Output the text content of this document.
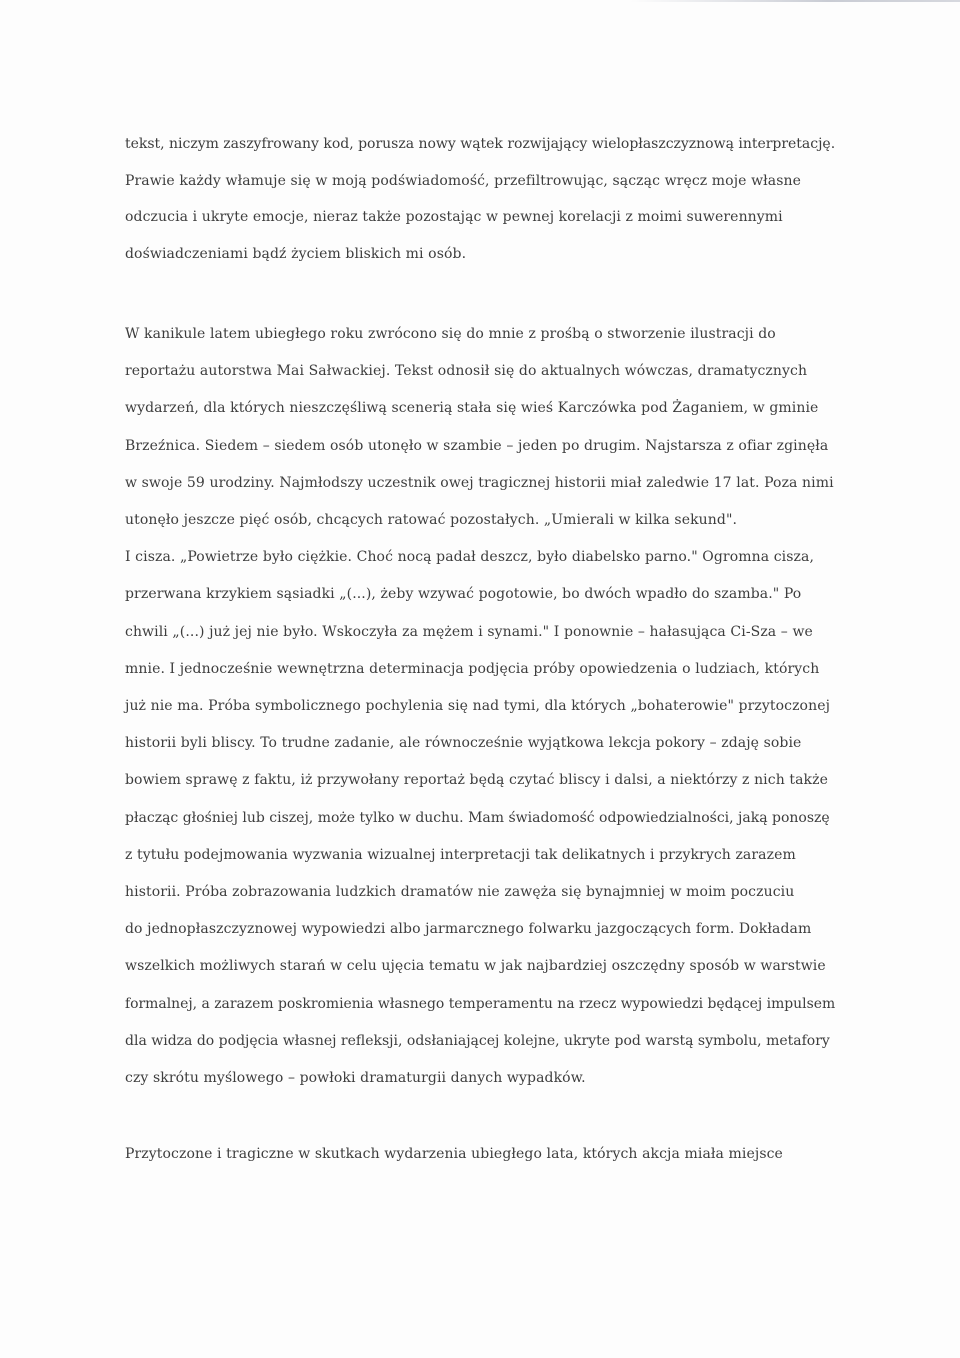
tekst, niczym zaszyfrowany kod, porusza nowy wątek rozwijający wielopłaszczyznową interpretację.
Prawie każdy włamuje się w moją podświadomość, przefiltrowując, sącząc wręcz moje własne
odczucia i ukryte emocje, nieraz także pozostając w pewnej korelacji z moimi suwerennymi
doświadczeniami bądź życiem bliskich mi osób.

W kanikule latem ubiegłego roku zwrócono się do mnie z prośbą o stworzenie ilustracji do
reportażu autorstwa Mai Sałwackiej. Tekst odnosił się do aktualnych wówczas, dramatycznych
wydarzeń, dla których nieszczęśliwą scenerią stała się wieś Karczówka pod Żaganiem, w gminie
Brzeźnica. Siedem – siedem osób utonęło w szambie – jeden po drugim. Najstarsza z ofiar zginęła
w swoje 59 urodziny. Najmłodszy uczestnik owej tragicznej historii miał zaledwie 17 lat. Poza nimi
utonęło jeszcze pięć osób, chcących ratować pozostałych. „Umierali w kilka sekund".
I cisza. „Powietrze było ciężkie. Choć nocą padał deszcz, było diabelsko parno." Ogromna cisza,
przerwana krzykiem sąsiadki „(...), żeby wzywać pogotowie, bo dwóch wpadło do szamba." Po
chwili „(...) już jej nie było. Wskoczyła za mężem i synami." I ponownie – hałasująca Ci-Sza – we
mnie. I jednocześnie wewnętrzna determinacja podjęcia próby opowiedzenia o ludziach, których
już nie ma. Próba symbolicznego pochylenia się nad tymi, dla których „bohaterowie" przytoczonej
historii byli bliscy. To trudne zadanie, ale równocześnie wyjątkowa lekcja pokory – zdaję sobie
bowiem sprawę z faktu, iż przywołany reportaż będą czytać bliscy i dalsi, a niektórzy z nich także
płacząc głośniej lub ciszej, może tylko w duchu. Mam świadomość odpowiedzialności, jaką ponoszę
z tytułu podejmowania wyzwania wizualnej interpretacji tak delikatnych i przykrych zarazem
historii. Próba zobrazowania ludzkich dramatów nie zawęża się bynajmniej w moim poczuciu
do jednopłaszczyznowej wypowiedzi albo jarmarcznego folwarku jazgoczących form. Dokładam
wszelkich możliwych starań w celu ujęcia tematu w jak najbardziej oszczędny sposób w warstwie
formalnej, a zarazem poskromienia własnego temperamentu na rzecz wypowiedzi będącej impulsem
dla widza do podjęcia własnej refleksji, odsłaniającej kolejne, ukryte pod warstą symbolu, metafory
czy skrótu myślowego – powłoki dramaturgii danych wypadków.

Przytoczone i tragiczne w skutkach wydarzenia ubiegłego lata, których akcja miała miejsce
